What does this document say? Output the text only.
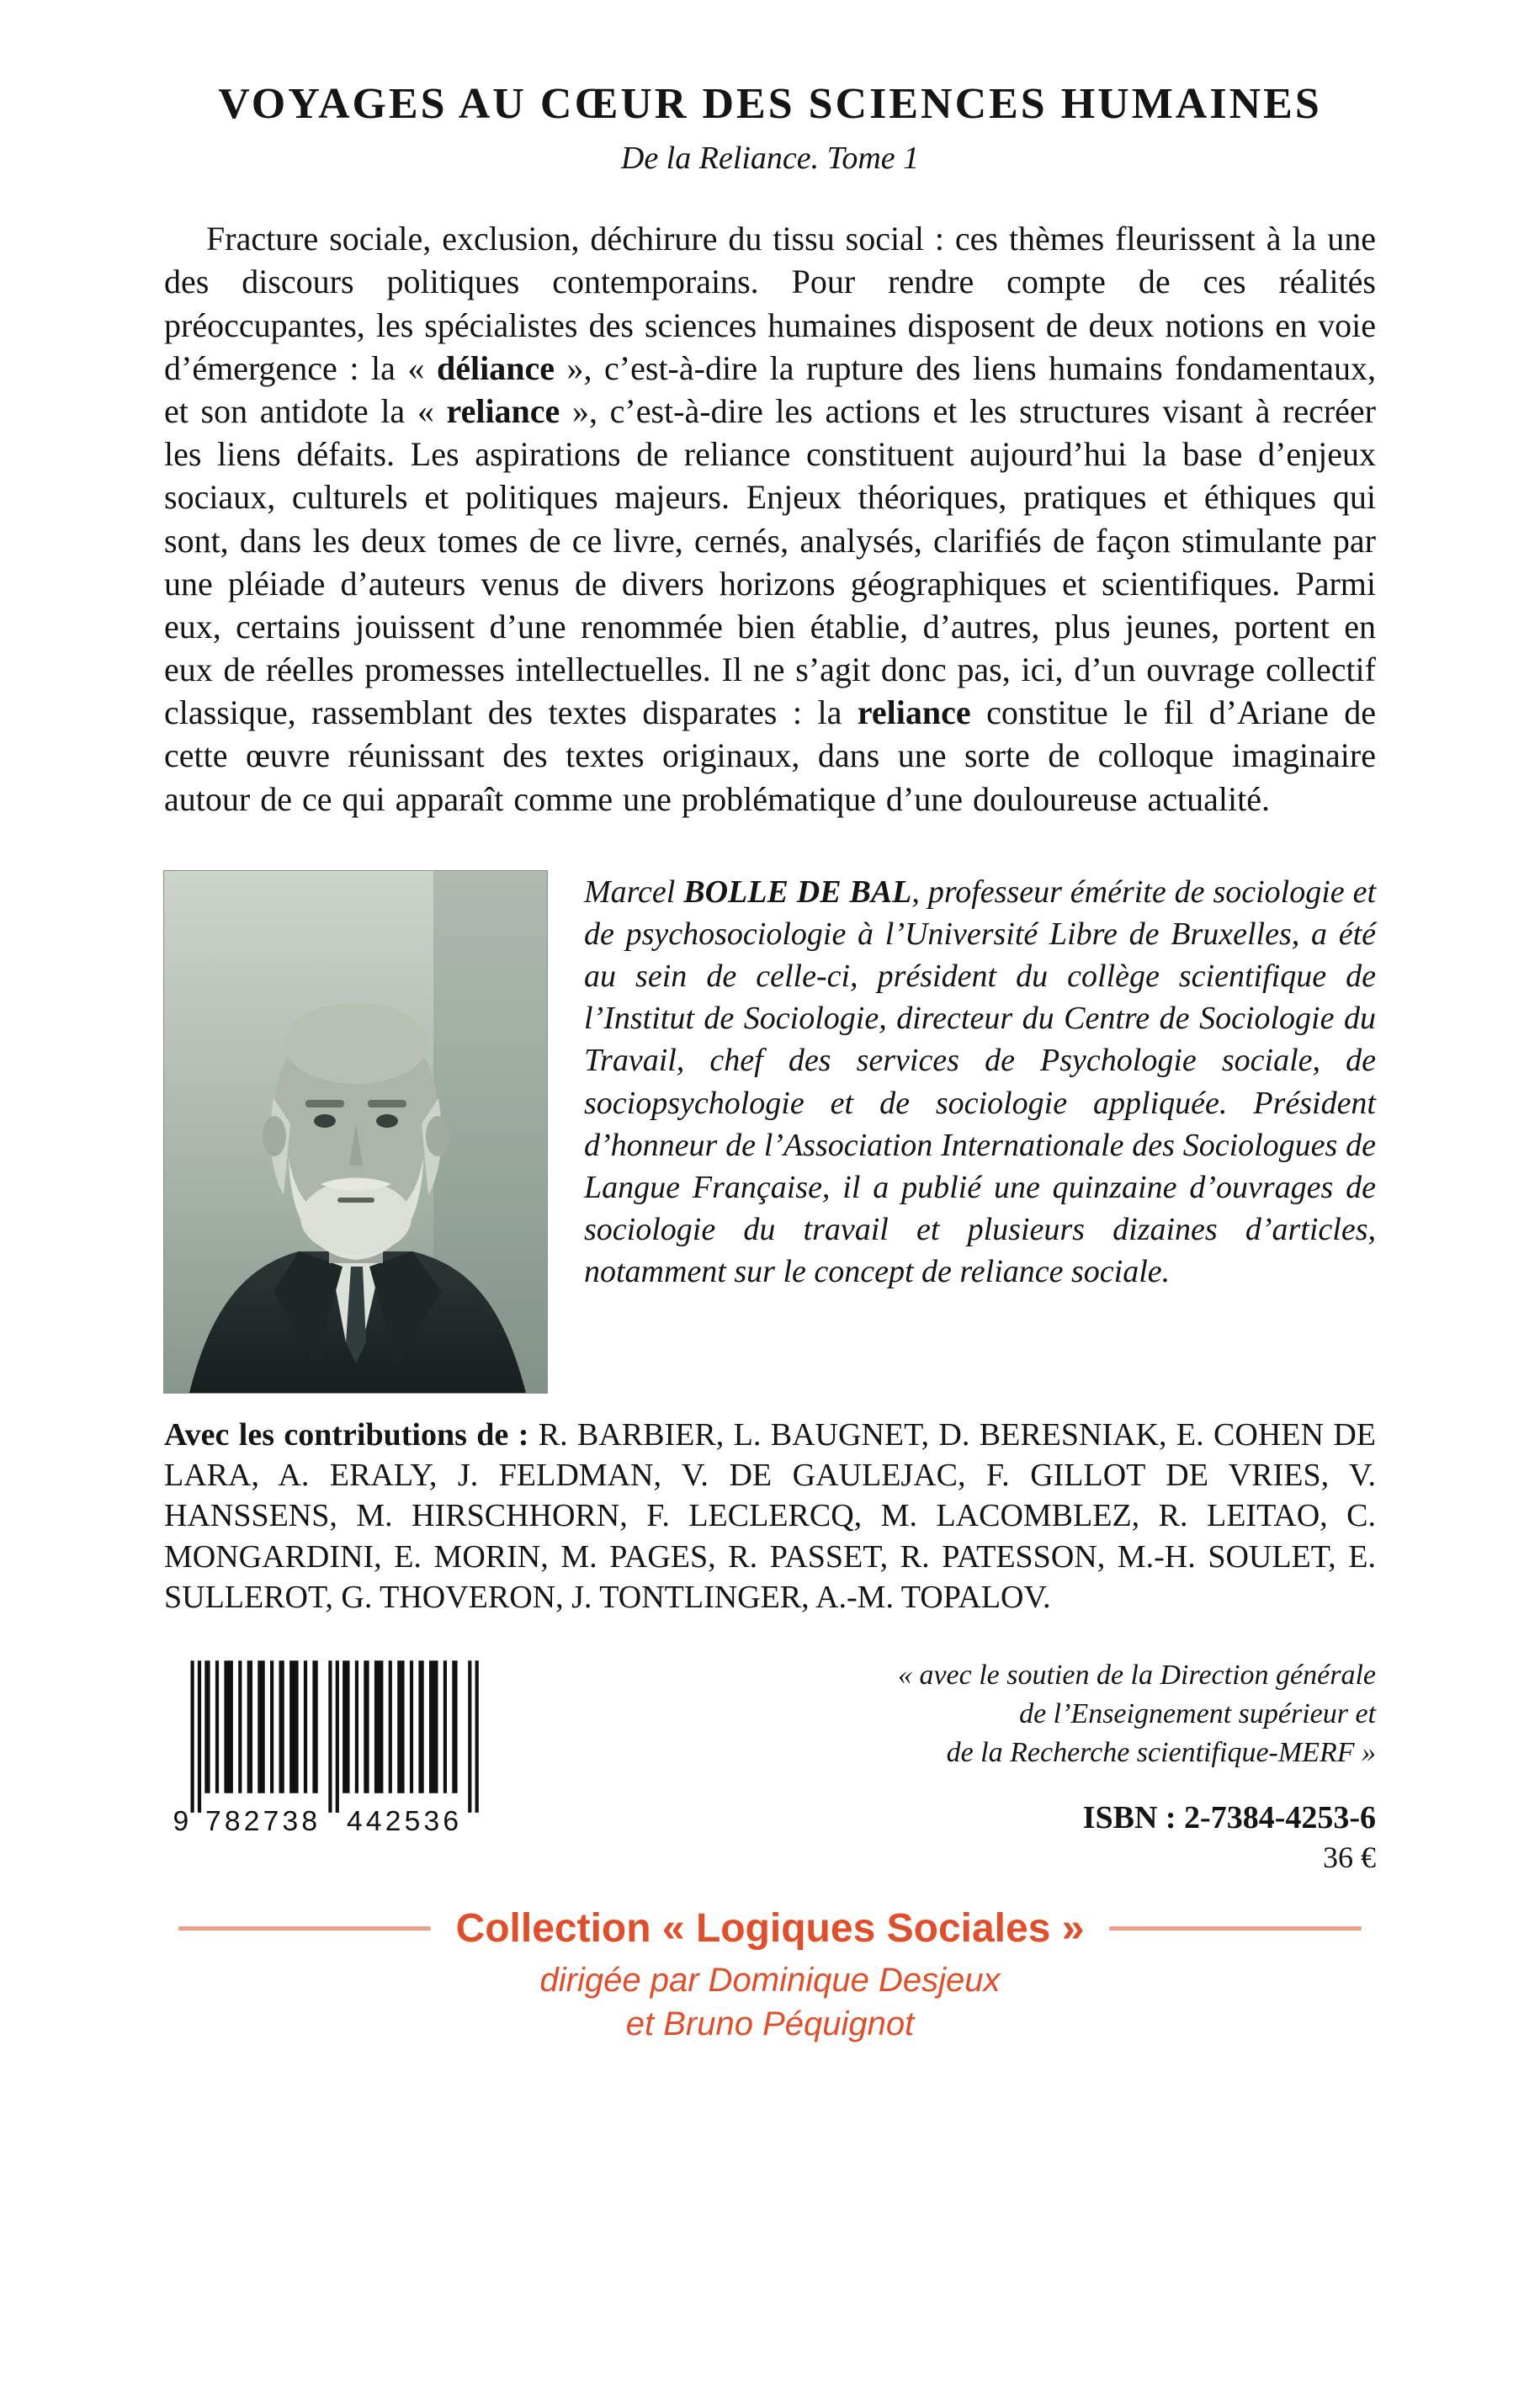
VOYAGES AU CŒUR DES SCIENCES HUMAINES
De la Reliance. Tome 1
Fracture sociale, exclusion, déchirure du tissu social : ces thèmes fleurissent à la une des discours politiques contemporains. Pour rendre compte de ces réalités préoccupantes, les spécialistes des sciences humaines disposent de deux notions en voie d’émergence : la « déliance », c’est-à-dire la rupture des liens humains fondamentaux, et son antidote la « reliance », c’est-à-dire les actions et les structures visant à recréer les liens défaits. Les aspirations de reliance constituent aujourd’hui la base d’enjeux sociaux, culturels et politiques majeurs. Enjeux théoriques, pratiques et éthiques qui sont, dans les deux tomes de ce livre, cernés, analysés, clarifiés de façon stimulante par une pléiade d’auteurs venus de divers horizons géographiques et scientifiques. Parmi eux, certains jouissent d’une renommée bien établie, d’autres, plus jeunes, portent en eux de réelles promesses intellectuelles. Il ne s’agit donc pas, ici, d’un ouvrage collectif classique, rassemblant des textes disparates : la reliance constitue le fil d’Ariane de cette œuvre réunissant des textes originaux, dans une sorte de colloque imaginaire autour de ce qui apparaît comme une problématique d’une douloureuse actualité.
Marcel BOLLE DE BAL, professeur émérite de sociologie et de psychosociologie à l’Université Libre de Bruxelles, a été au sein de celle-ci, président du collège scientifique de l’Institut de Sociologie, directeur du Centre de Sociologie du Travail, chef des services de Psychologie sociale, de sociopsychologie et de sociologie appliquée. Président d’honneur de l’Association Internationale des Sociologues de Langue Française, il a publié une quinzaine d’ouvrages de sociologie du travail et plusieurs dizaines d’articles, notamment sur le concept de reliance sociale.
Avec les contributions de : R. BARBIER, L. BAUGNET, D. BERESNIAK, E. COHEN DE LARA, A. ERALY, J. FELDMAN, V. DE GAULEJAC, F. GILLOT DE VRIES, V. HANSSENS, M. HIRSCHHORN, F. LECLERCQ, M. LACOMBLEZ, R. LEITAO, C. MONGARDINI, E. MORIN, M. PAGES, R. PASSET, R. PATESSON, M.-H. SOULET, E. SULLEROT, G. THOVERON, J. TONTLINGER, A.-M. TOPALOV.
9 782738 442536
« avec le soutien de la Direction générale
de l’Enseignement supérieur et
de la Recherche scientifique-MERF »
ISBN : 2-7384-4253-6
36 €
Collection « Logiques Sociales »
dirigée par Dominique Desjeux
et Bruno Péquignot
